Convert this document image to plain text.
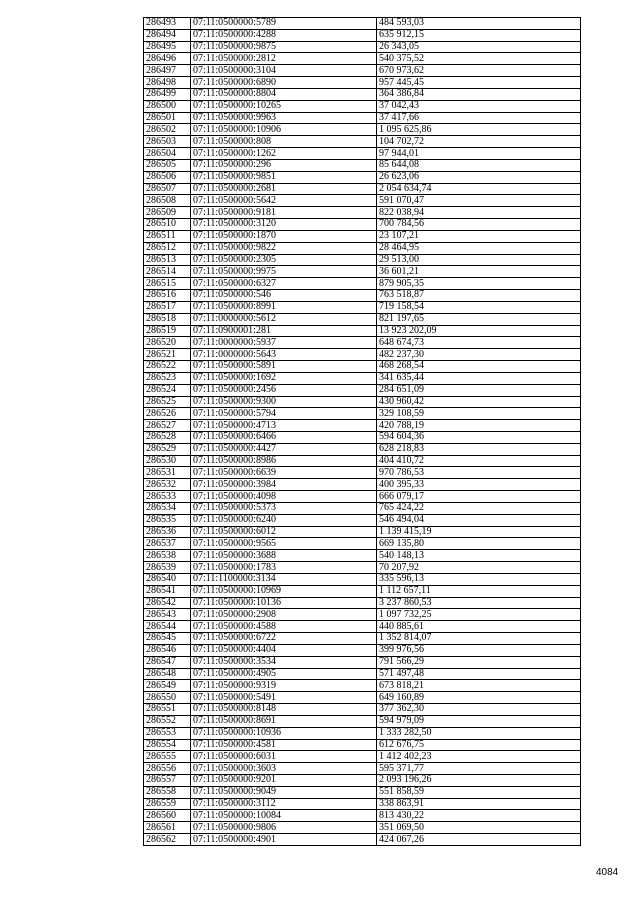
286493	07:11:0500000:5789	484 593,03
286494	07:11:0500000:4288	635 912,15
286495	07:11:0500000:9875	26 343,05
286496	07:11:0500000:2812	540 375,52
286497	07:11:0500000:3104	670 973,62
286498	07:11:0500000:6890	957 445,45
286499	07:11:0500000:8804	364 386,84
286500	07:11:0500000:10265	37 042,43
286501	07:11:0500000:9963	37 417,66
286502	07:11:0500000:10906	1 095 625,86
286503	07:11:0500000:808	104 702,72
286504	07:11:0500000:1262	97 944,01
286505	07:11:0500000:296	85 644,08
286506	07:11:0500000:9851	26 623,06
286507	07:11:0500000:2681	2 054 634,74
286508	07:11:0500000:5642	591 070,47
286509	07:11:0500000:9181	822 038,94
286510	07:11:0500000:3120	700 784,56
286511	07:11:0500000:1870	23 107,21
286512	07:11:0500000:9822	28 464,95
286513	07:11:0500000:2305	29 513,00
286514	07:11:0500000:9975	36 601,21
286515	07:11:0500000:6327	879 905,35
286516	07:11:0500000:546	763 518,87
286517	07:11:0500000:8991	719 158,54
286518	07:11:0000000:5612	821 197,65
286519	07:11:0900001:281	13 923 202,09
286520	07:11:0000000:5937	648 674,73
286521	07:11:0000000:5643	482 237,30
286522	07:11:0500000:5891	468 268,54
286523	07:11:0500000:1692	341 635,44
286524	07:11:0500000:2456	284 651,09
286525	07:11:0500000:9300	430 960,42
286526	07:11:0500000:5794	329 108,59
286527	07:11:0500000:4713	420 788,19
286528	07:11:0500000:6466	594 604,36
286529	07:11:0500000:4427	628 218,83
286530	07:11:0500000:8986	404 410,72
286531	07:11:0500000:6639	970 786,53
286532	07:11:0500000:3984	400 395,33
286533	07:11:0500000:4098	666 079,17
286534	07:11:0500000:5373	765 424,22
286535	07:11:0500000:6240	546 494,04
286536	07:11:0500000:6012	1 139 415,19
286537	07:11:0500000:9565	669 135,80
286538	07:11:0500000:3688	540 148,13
286539	07:11:0500000:1783	70 207,92
286540	07:11:1100000:3134	335 596,13
286541	07:11:0500000:10969	1 112 657,11
286542	07:11:0500000:10136	3 237 860,53
286543	07:11:0500000:2908	1 097 732,25
286544	07:11:0500000:4588	440 885,61
286545	07:11:0500000:6722	1 352 814,07
286546	07:11:0500000:4404	399 976,56
286547	07:11:0500000:3534	791 566,29
286548	07:11:0500000:4905	571 497,48
286549	07:11:0500000:9319	673 818,21
286550	07:11:0500000:5491	649 160,89
286551	07:11:0500000:8148	377 362,30
286552	07:11:0500000:8691	594 979,09
286553	07:11:0500000:10936	1 333 282,50
286554	07:11:0500000:4581	612 676,75
286555	07:11:0500000:6031	1 412 402,23
286556	07:11:0500000:3603	595 371,77
286557	07:11:0500000:9201	2 093 196,26
286558	07:11:0500000:9049	551 858,59
286559	07:11:0500000:3112	338 863,91
286560	07:11:0500000:10084	813 430,22
286561	07:11:0500000:9806	351 069,50
286562	07:11:0500000:4901	424 067,26
4084
